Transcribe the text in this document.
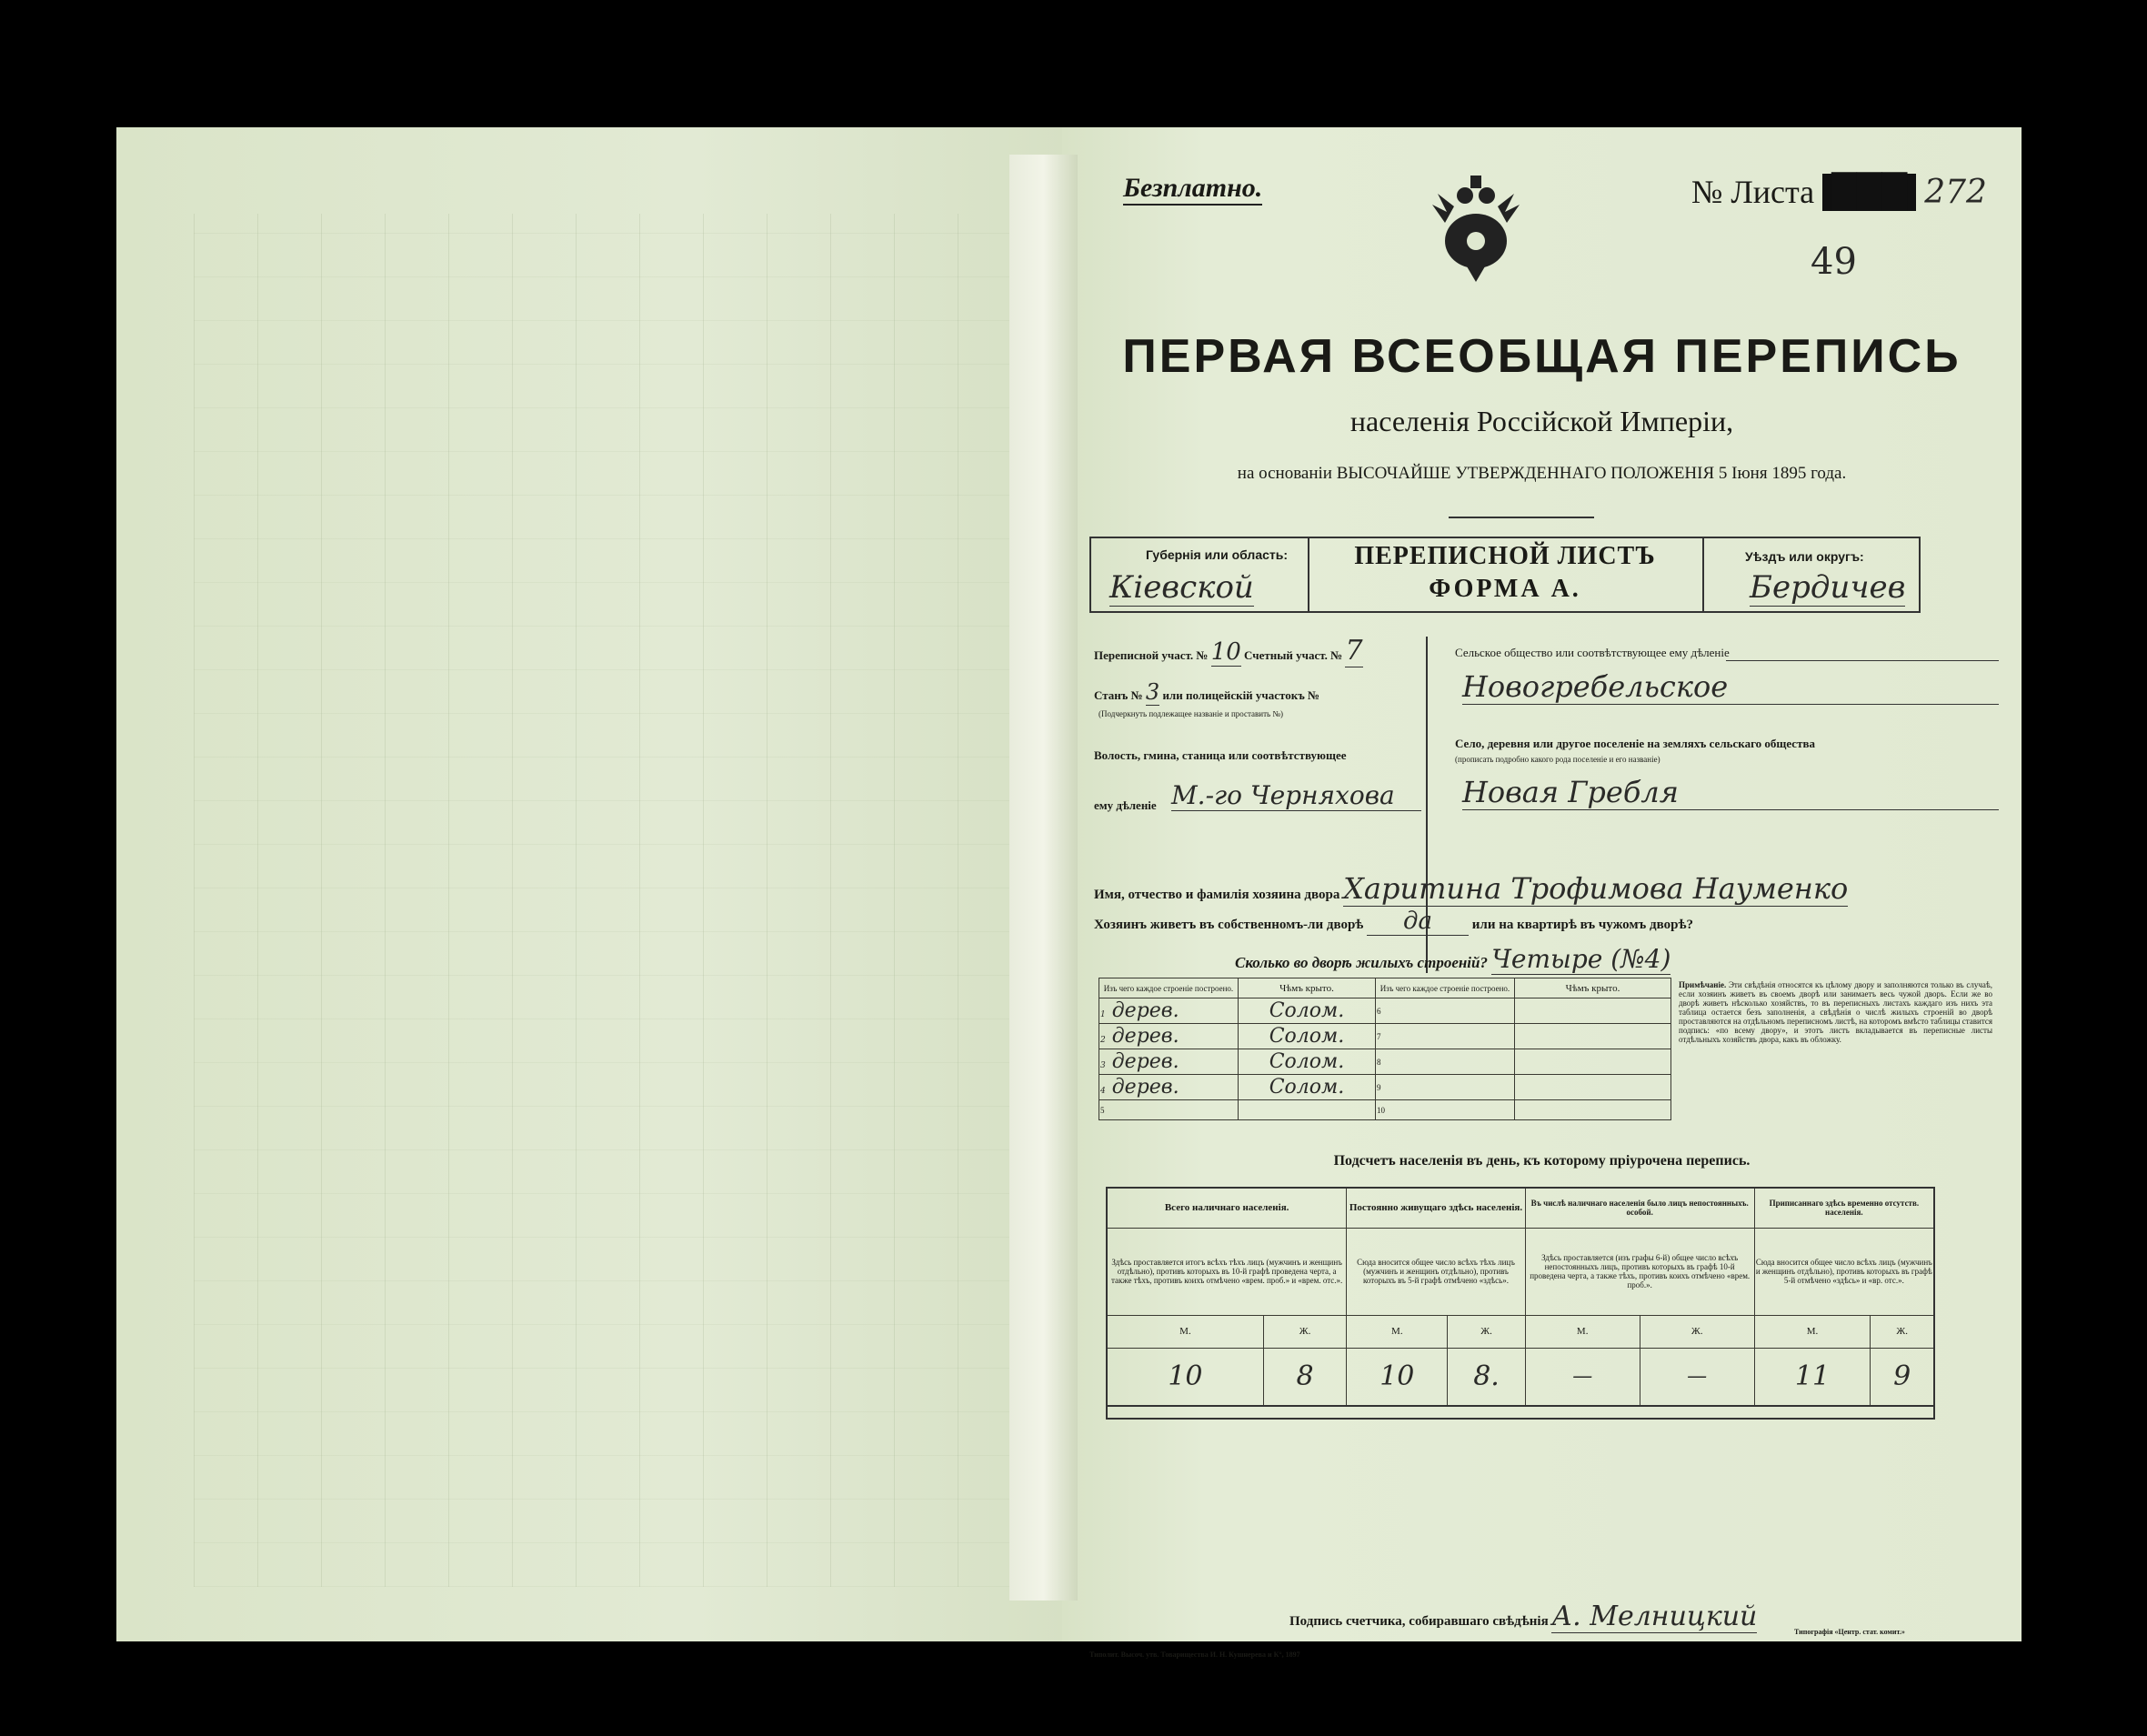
Безплатно.	№ Листа ███ 272
49
ПЕРВАЯ ВСЕОБЩАЯ ПЕРЕПИСЬ
населенія Россійской Имперіи,
на основаніи ВЫСОЧАЙШЕ УТВЕРЖДЕННАГО ПОЛОЖЕНІЯ 5 Іюня 1895 года.
Губернія или область:
Кіевской
ПЕРЕПИСНОЙ ЛИСТЪ
ФОРМА А.
Уѣздъ или округъ:
Бердичев
Переписной участ. № 10 Счетный участ. № 7
Станъ № 3 или полицейскій участокъ №
(Подчеркнуть подлежащее названіе и проставить №)
Волость, гмина, станица или соотвѣтствующее
ему дѣленіе М.-го Черняхова
Сельское общество или соотвѣтствующее ему дѣленіе
Новогребельское
Село, деревня или другое поселеніе на земляхъ сельскаго общества
(прописать подробно какого рода поселеніе и его названіе)
Новая Гребля
Имя, отчество и фамилія хозяина двора Харитина Трофимова Науменко
Хозяинъ живетъ въ собственномъ-ли дворѣ да	или на квартирѣ въ чужомъ дворѣ?
Сколько во дворѣ жилыхъ строеній? Четыре (№4)
Изъ чего каждое строеніе построено.	Чѣмъ крыто.	Изъ чего каждое строеніе построено.	Чѣмъ крыто.
1 дерев.	Солом.	6	
2 дерев.	Солом.	7	
3 дерев.	Солом.	8	
4 дерев.	Солом.	9	
5		10	
Примѣчаніе. Эти свѣдѣнія относятся къ цѣлому двору и заполняются только въ случаѣ, если хозяинъ живетъ въ своемъ дворѣ или занимаетъ весь чужой дворъ. Если же во дворѣ живетъ нѣсколько хозяйствъ, то въ переписныхъ листахъ каждаго изъ нихъ эта таблица остается безъ заполненія, а свѣдѣнія о числѣ жилыхъ строеній во дворѣ проставляются на отдѣльномъ переписномъ листѣ, на которомъ вмѣсто таблицы ставится подпись: «по всему двору», и этотъ листъ вкладывается въ переписные листы отдѣльныхъ хозяйствъ двора, какъ въ обложку.
Подсчетъ населенія въ день, къ которому пріурочена перепись.
Всего наличнаго населенія.		Постоянно живущаго здѣсь населенія.		Въ числѣ наличнаго населенія было лицъ непостоянныхъ. особой.		Приписаннаго здѣсь временно отсутств. населенія.	
Здѣсь проставляется итогъ всѣхъ тѣхъ лицъ (мужчинъ и женщинъ отдѣльно), противъ которыхъ въ 10-й графѣ проведена черта, а также тѣхъ, противъ коихъ отмѣчено «врем. проб.» и «врем. отс.».		Сюда вносится общее число всѣхъ тѣхъ лицъ (мужчинъ и женщинъ отдѣльно), противъ которыхъ въ 5-й графѣ отмѣчено «здѣсь».		Здѣсь проставляется (изъ графы 6-й) общее число всѣхъ непостоянныхъ лицъ, противъ которыхъ въ графѣ 10-й проведена черта, а также тѣхъ, противъ коихъ отмѣчено «врем. проб.».		Сюда вносится общее число всѣхъ лицъ (мужчинъ и женщинъ отдѣльно), противъ которыхъ въ графѣ 5-й отмѣчено «здѣсь» и «вр. отс.».	
М.	Ж.	М.	Ж.	М.	Ж.	М.	Ж.
10	8	10	8.	—	—	11	9

Подпись счетчика, собиравшаго свѣдѣнія А. Мелницкий
Типолит. Высоч. утв. Товарищества И. Н. Кушнерева и К°, 1897
Типографія «Центр. стат. комит.»
